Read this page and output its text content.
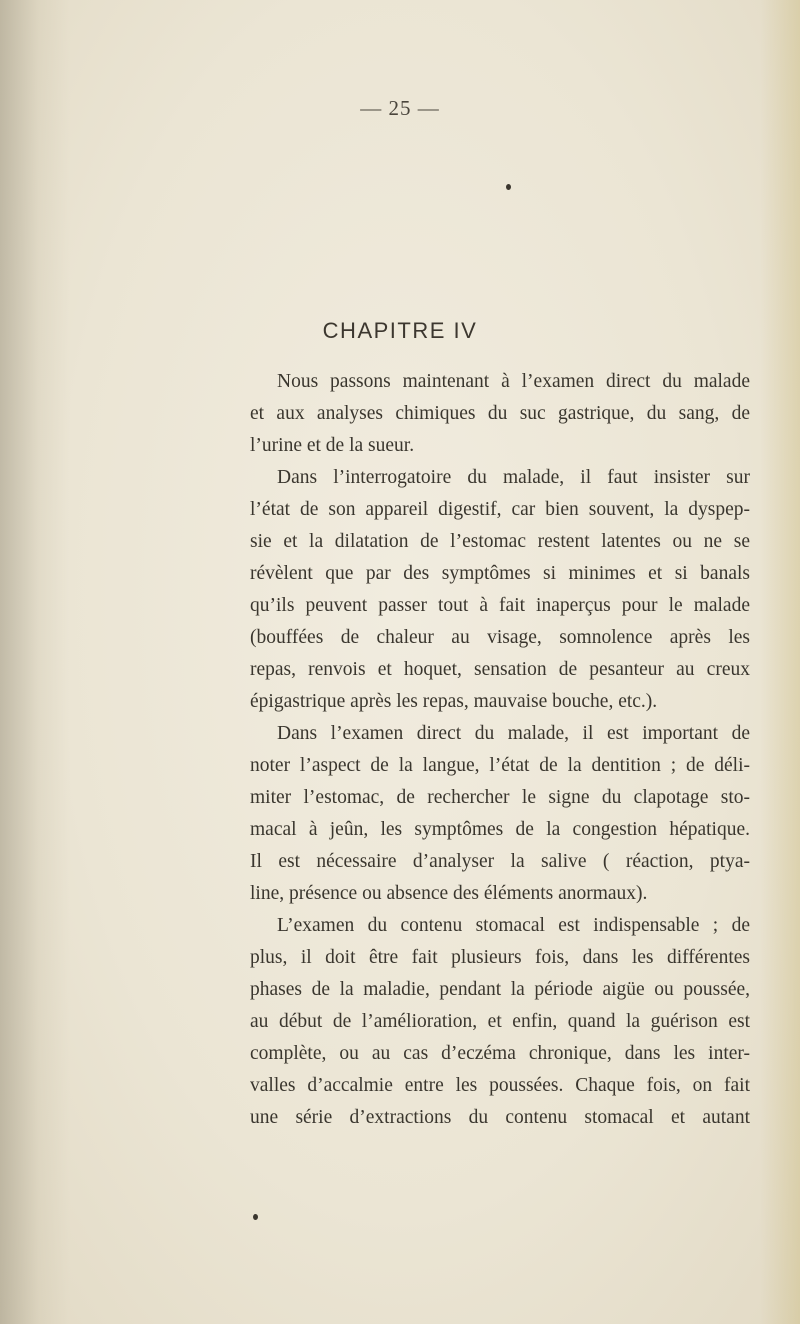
— 25 —
CHAPITRE IV
Nous passons maintenant à l’examen direct du malade
et aux analyses chimiques du suc gastrique, du sang, de
l’urine et de la sueur.
Dans l’interrogatoire du malade, il faut insister sur
l’état de son appareil digestif, car bien souvent, la dyspep-
sie et la dilatation de l’estomac restent latentes ou ne se
révèlent que par des symptômes si minimes et si banals
qu’ils peuvent passer tout à fait inaperçus pour le malade
(bouffées de chaleur au visage, somnolence après les
repas, renvois et hoquet, sensation de pesanteur au creux
épigastrique après les repas, mauvaise bouche, etc.).
Dans l’examen direct du malade, il est important de
noter l’aspect de la langue, l’état de la dentition ; de déli-
miter l’estomac, de rechercher le signe du clapotage sto-
macal à jeûn, les symptômes de la congestion hépatique.
Il est nécessaire d’analyser la salive ( réaction, ptya-
line, présence ou absence des éléments anormaux).
L’examen du contenu stomacal est indispensable ; de
plus, il doit être fait plusieurs fois, dans les différentes
phases de la maladie, pendant la période aigüe ou poussée,
au début de l’amélioration, et enfin, quand la guérison est
complète, ou au cas d’eczéma chronique, dans les inter-
valles d’accalmie entre les poussées. Chaque fois, on fait
une série d’extractions du contenu stomacal et autant
